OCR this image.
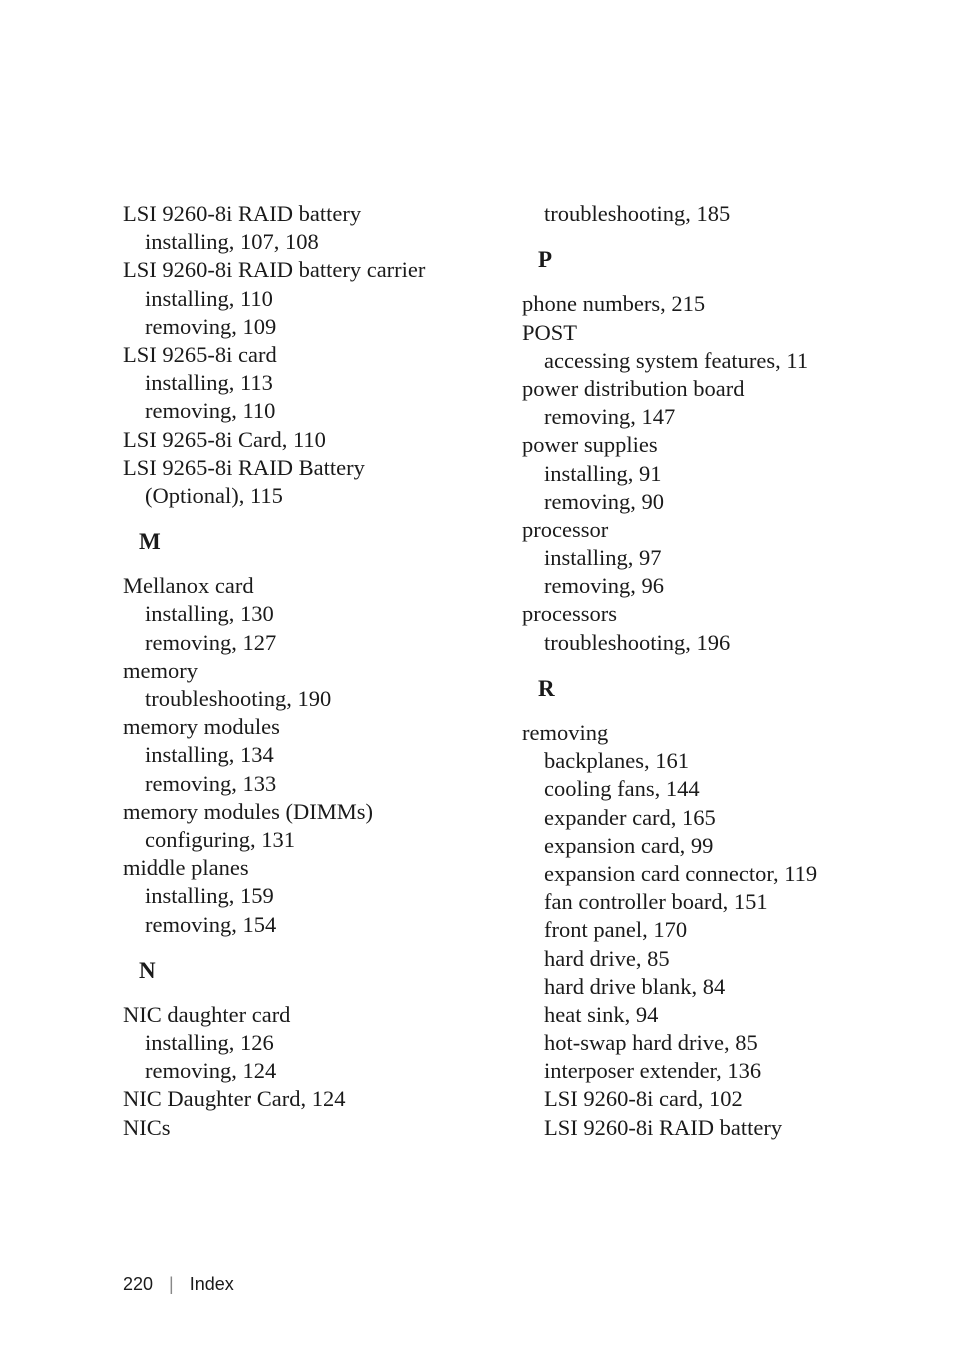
LSI 9260-8i RAID battery
installing, 107, 108
LSI 9260-8i RAID battery carrier
installing, 110
removing, 109
LSI 9265-8i card
installing, 113
removing, 110
LSI 9265-8i Card, 110
LSI 9265-8i RAID Battery
(Optional), 115
M
Mellanox card
installing, 130
removing, 127
memory
troubleshooting, 190
memory modules
installing, 134
removing, 133
memory modules (DIMMs)
configuring, 131
middle planes
installing, 159
removing, 154
N
NIC daughter card
installing, 126
removing, 124
NIC Daughter Card, 124
NICs
troubleshooting, 185
P
phone numbers, 215
POST
accessing system features, 11
power distribution board
removing, 147
power supplies
installing, 91
removing, 90
processor
installing, 97
removing, 96
processors
troubleshooting, 196
R
removing
backplanes, 161
cooling fans, 144
expander card, 165
expansion card, 99
expansion card connector, 119
fan controller board, 151
front panel, 170
hard drive, 85
hard drive blank, 84
heat sink, 94
hot-swap hard drive, 85
interposer extender, 136
LSI 9260-8i card, 102
LSI 9260-8i RAID battery
220 | Index
